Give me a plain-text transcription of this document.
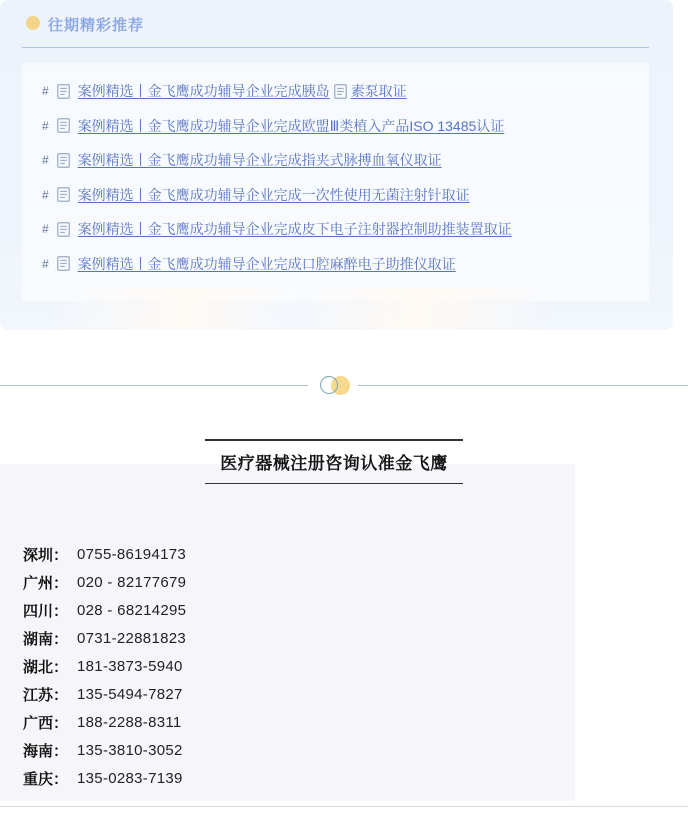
往期精彩推荐
# 案例精选丨金飞鹰成功辅导企业完成胰岛 素泵取证
# 案例精选丨金飞鹰成功辅导企业完成欧盟Ⅲ类植入产品ISO 13485认证
# 案例精选丨金飞鹰成功辅导企业完成指夹式脉搏血氧仪取证
# 案例精选丨金飞鹰成功辅导企业完成一次性使用无菌注射针取证
# 案例精选丨金飞鹰成功辅导企业完成皮下电子注射器控制助推装置取证
# 案例精选丨金飞鹰成功辅导企业完成口腔麻醉电子助推仪取证
医疗器械注册咨询认准金飞鹰
深圳： 0755-86194173
广州： 020 - 82177679
四川： 028 - 68214295
湖南： 0731-22881823
湖北： 181-3873-5940
江苏： 135-5494-7827
广西： 188-2288-8311
海南： 135-3810-3052
重庆： 135-0283-7139
